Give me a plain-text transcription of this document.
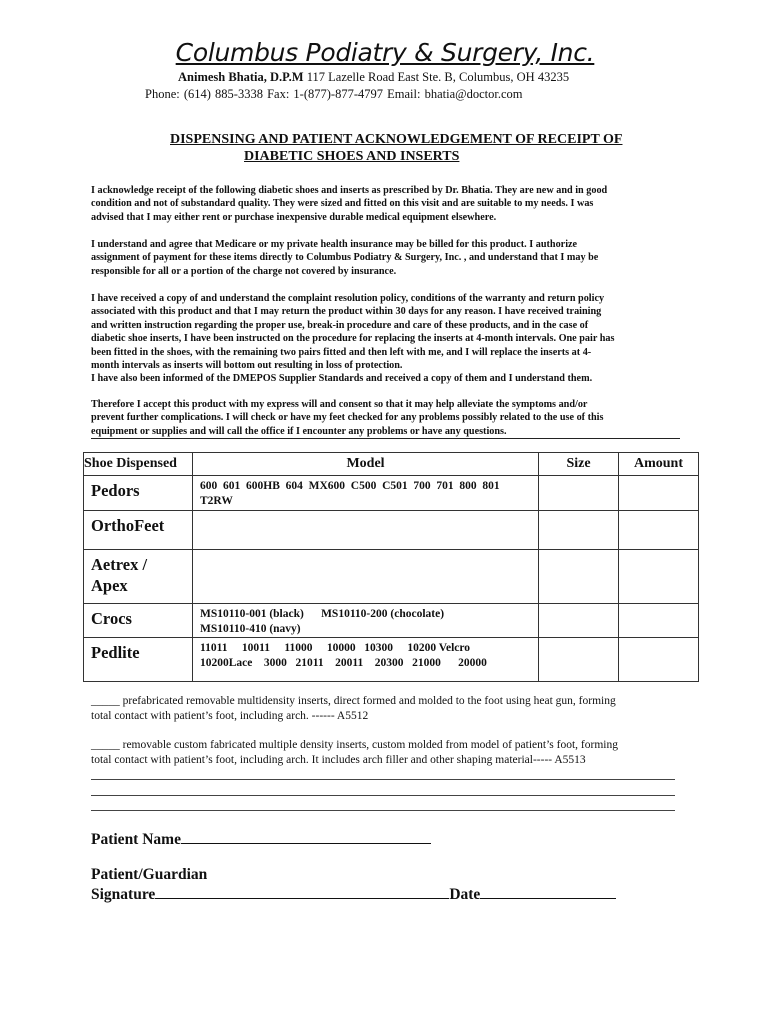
Columbus Podiatry & Surgery, Inc.
Animesh Bhatia, D.P.M 117 Lazelle Road East Ste. B, Columbus, OH 43235
Phone: (614) 885-3338 Fax: 1-(877)-877-4797 Email: bhatia@doctor.com
DISPENSING AND PATIENT ACKNOWLEDGEMENT OF RECEIPT OF
DIABETIC SHOES AND INSERTS
I acknowledge receipt of the following diabetic shoes and inserts as prescribed by Dr. Bhatia. They are new and in good
condition and not of substandard quality. They were sized and fitted on this visit and are suitable to my needs. I was
advised that I may either rent or purchase inexpensive durable medical equipment elsewhere.
I understand and agree that Medicare or my private health insurance may be billed for this product. I authorize
assignment of payment for these items directly to Columbus Podiatry & Surgery, Inc. , and understand that I may be
responsible for all or a portion of the charge not covered by insurance.
I have received a copy of and understand the complaint resolution policy, conditions of the warranty and return policy
associated with this product and that I may return the product within 30 days for any reason. I have received training
and written instruction regarding the proper use, break-in procedure and care of these products, and in the case of
diabetic shoe inserts, I have been instructed on the procedure for replacing the inserts at 4-month intervals. One pair has
been fitted in the shoes, with the remaining two pairs fitted and then left with me, and I will replace the inserts at 4-
month intervals as inserts will bottom out resulting in loss of protection.
I have also been informed of the DMEPOS Supplier Standards and received a copy of them and I understand them.
Therefore I accept this product with my express will and consent so that it may help alleviate the symptoms and/or
prevent further complications. I will check or have my feet checked for any problems possibly related to the use of this
equipment or supplies and will call the office if I encounter any problems or have any questions.
Shoe Dispensed	Model	Size	Amount
Pedors	600  601  600HB  604  MX600  C500  C501  700  701  800  801
T2RW		

OrthoFeet			

Aetrex /
Apex			

Crocs	MS10110-001 (black)      MS10110-200 (chocolate)
MS10110-410 (navy)		

Pedlite	11011     10011     11000     10000   10300     10200 Velcro
10200Lace    3000   21011    20011    20300   21000      20000		

_____ prefabricated removable multidensity inserts, direct formed and molded to the foot using heat gun, forming
total contact with patient’s foot, including arch. ------ A5512
_____ removable custom fabricated multiple density inserts, custom molded from model of patient’s foot, forming
total contact with patient’s foot, including arch. It includes arch filler and other shaping material----- A5513
Patient Name
Patient/Guardian
Signature	Date
